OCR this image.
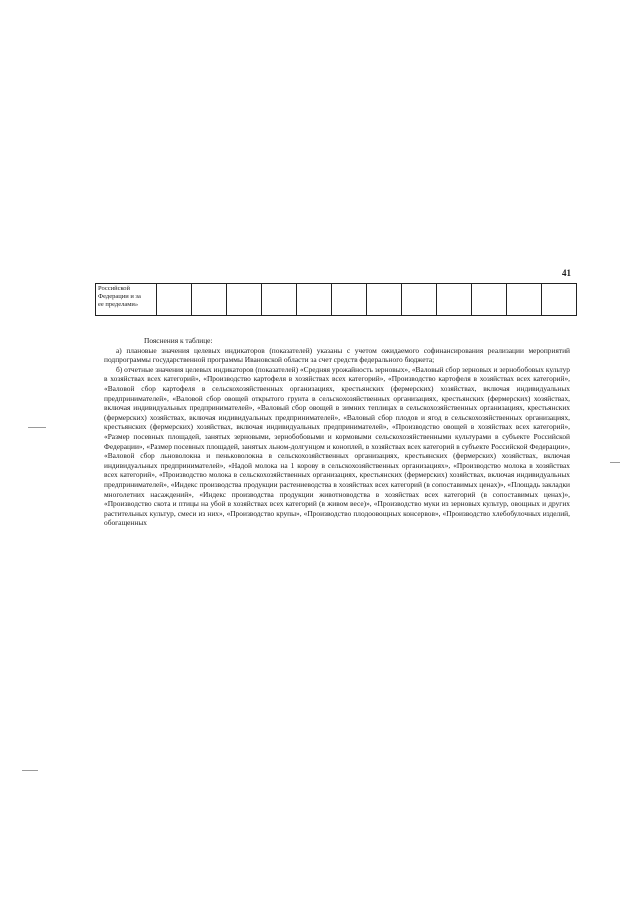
41
Российской
Федерации и за
ее пределами»

Пояснения к таблице:

а) плановые значения целевых индикаторов (показателей) указаны с учетом ожидаемого софинансирования реализации мероприятий подпрограммы государственной программы Ивановской области за счет средств федерального бюджета;

б) отчетные значения целевых индикаторов (показателей) «Средняя урожайность зерновых», «Валовый сбор зерновых и зернобобовых культур в хозяйствах всех категорий», «Производство картофеля в хозяйствах всех категорий», «Производство картофеля в хозяйствах всех категорий», «Валовой сбор картофеля в сельскохозяйственных организациях, крестьянских (фермерских) хозяйствах, включая индивидуальных предпринимателей», «Валовой сбор овощей открытого грунта в сельскохозяйственных организациях, крестьянских (фермерских) хозяйствах, включая индивидуальных предпринимателей», «Валовый сбор овощей в зимних теплицах в сельскохозяйственных организациях, крестьянских (фермерских) хозяйствах, включая индивидуальных предпринимателей», «Валовый сбор плодов и ягод в сельскохозяйственных организациях, крестьянских (фермерских) хозяйствах, включая индивидуальных предпринимателей», «Производство овощей в хозяйствах всех категорий», «Размер посевных площадей, занятых зерновыми, зернобобовыми и кормовыми сельскохозяйственными культурами в субъекте Российской Федерации», «Размер посевных площадей, занятых льном-долгунцом и коноплей, в хозяйствах всех категорий в субъекте Российской Федерации», «Валовой сбор льноволокна и пеньковолокна в сельскохозяйственных организациях, крестьянских (фермерских) хозяйствах, включая индивидуальных предпринимателей», «Надой молока на 1 корову в сельскохозяйственных организациях», «Производство молока в хозяйствах всех категорий», «Производство молока в сельскохозяйственных организациях, крестьянских (фермерских) хозяйствах, включая индивидуальных предпринимателей», «Индекс производства продукции растениеводства в хозяйствах всех категорий (в сопоставимых ценах)», «Площадь закладки многолетних насаждений», «Индекс производства продукции животноводства в хозяйствах всех категорий (в сопоставимых ценах)», «Производство скота и птицы на убой в хозяйствах всех категорий (в живом весе)», «Производство муки из зерновых культур, овощных и других растительных культур, смеси из них», «Производство крупы», «Производство плодоовощных консервов», «Производство хлебобулочных изделий, обогащенных
